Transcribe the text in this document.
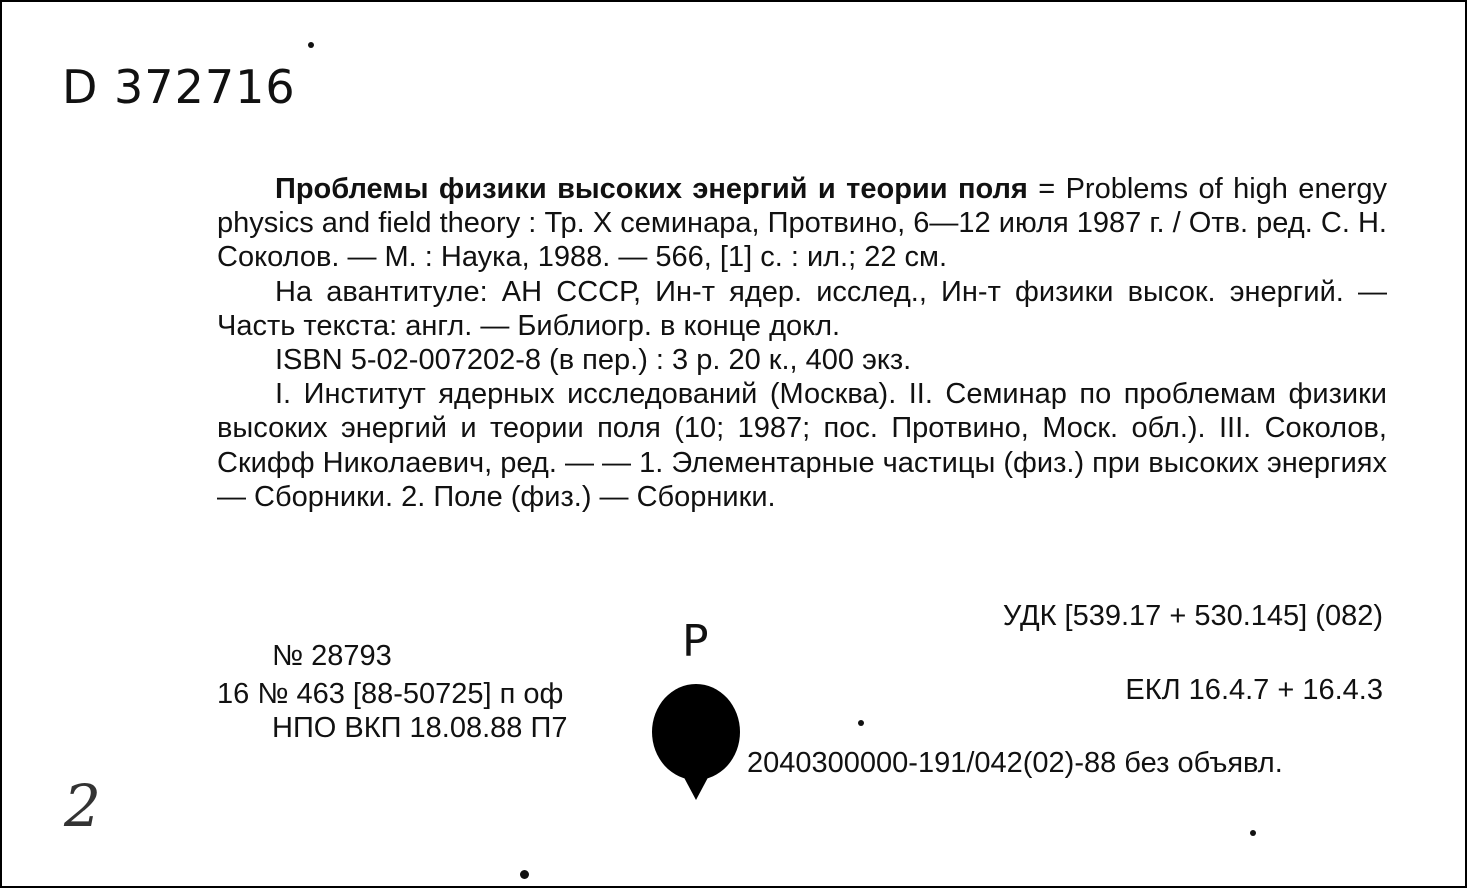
D 372716

Проблемы физики высоких энергий и теории поля = Problems of high energy physics and field theory : Тр. X семинара, Протвино, 6—12 июля 1987 г. / Отв. ред. С. Н. Соколов. — М. : Наука, 1988. — 566, [1] с. : ил.; 22 см.

На авантитуле: АН СССР, Ин-т ядер. исслед., Ин-т физики высок. энергий. — Часть текста: англ. — Библиогр. в конце докл.

ISBN 5-02-007202-8 (в пер.) : 3 р. 20 к., 400 экз.

I. Институт ядерных исследований (Москва). II. Семинар по проблемам физики высоких энергий и теории поля (10; 1987; пос. Протвино, Моск. обл.). III. Соколов, Скифф Николаевич, ред. — — 1. Элементарные частицы (физ.) при высоких энергиях — Сборники. 2. Поле (физ.) — Сборники.

УДК [539.17 + 530.145] (082)
Р
№ 28793
16 № 463 [88-50725] п оф
НПО ВКП 18.08.88 П7
ЕКЛ 16.4.7 + 16.4.3
2040300000-191/042(02)-88 без объявл.
2
